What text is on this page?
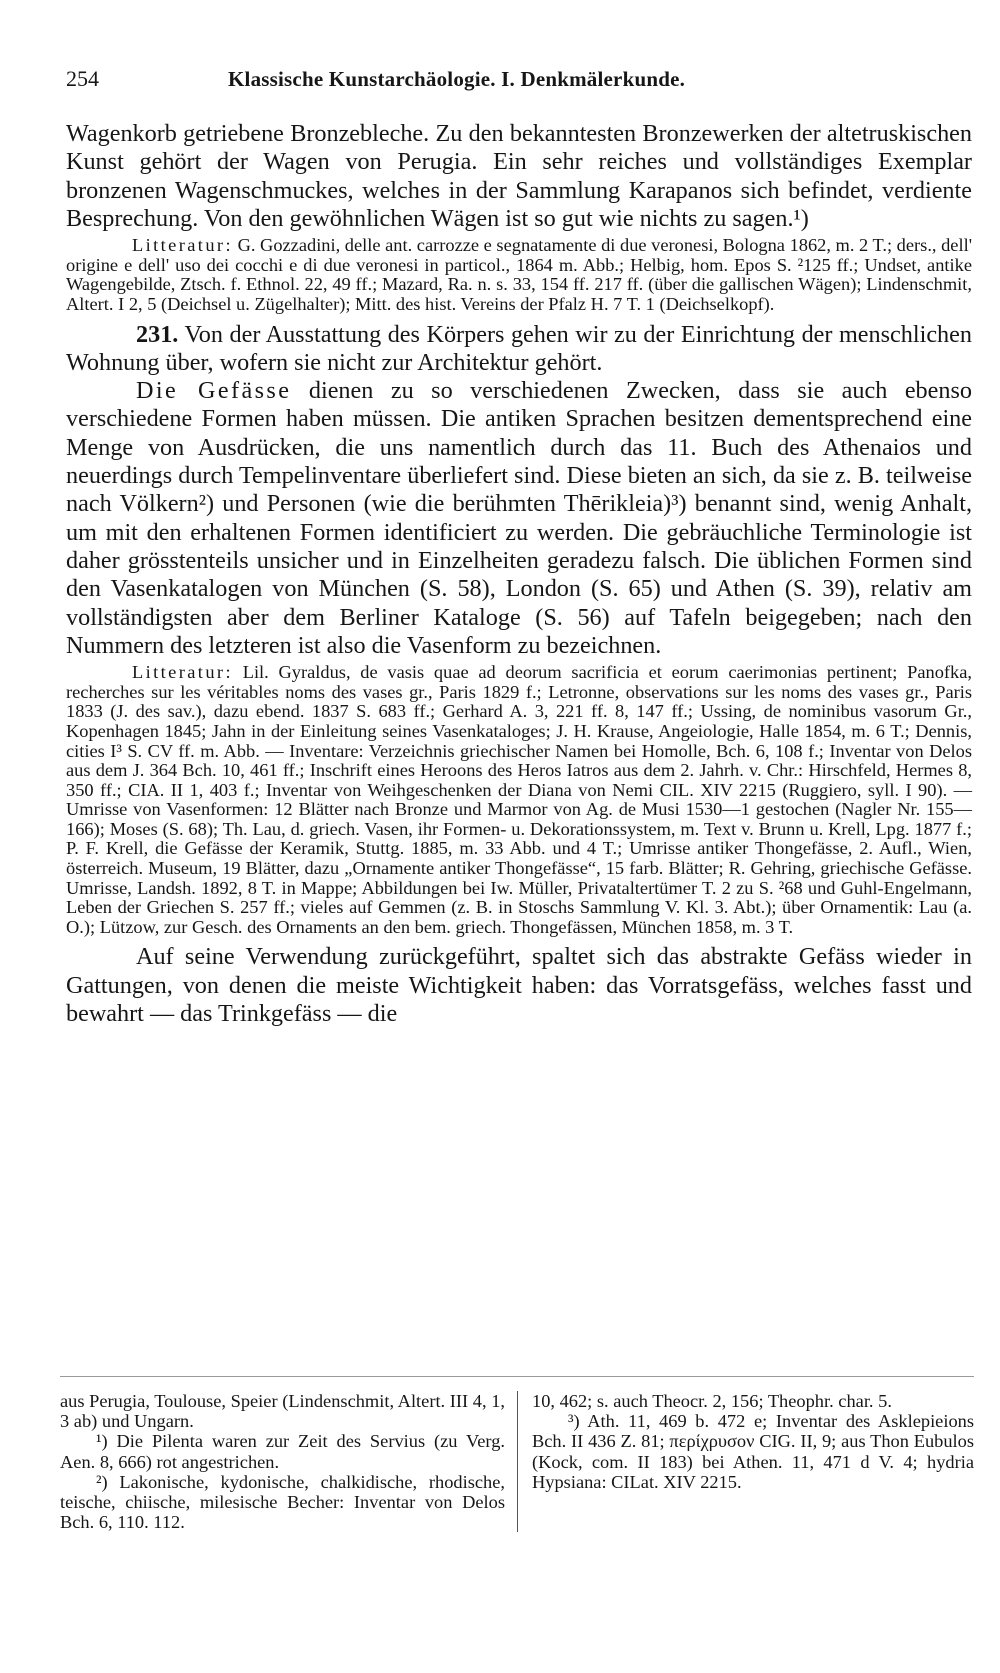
254	Klassische Kunstarchäologie. I. Denkmälerkunde.

Wagenkorb getriebene Bronzebleche. Zu den bekanntesten Bronzewerken der altetruskischen Kunst gehört der Wagen von Perugia. Ein sehr reiches und vollständiges Exemplar bronzenen Wagenschmuckes, welches in der Sammlung Karapanos sich befindet, verdiente Besprechung. Von den gewöhnlichen Wägen ist so gut wie nichts zu sagen.¹)

Litteratur: G. Gozzadini, delle ant. carrozze e segnatamente di due veronesi, Bologna 1862, m. 2 T.; ders., dell' origine e dell' uso dei cocchi e di due veronesi in particol., 1864 m. Abb.; Helbig, hom. Epos S. ²125 ff.; Undset, antike Wagengebilde, Ztsch. f. Ethnol. 22, 49 ff.; Mazard, Ra. n. s. 33, 154 ff. 217 ff. (über die gallischen Wägen); Lindenschmit, Altert. I 2, 5 (Deichsel u. Zügelhalter); Mitt. des hist. Vereins der Pfalz H. 7 T. 1 (Deichselkopf).

231. Von der Ausstattung des Körpers gehen wir zu der Einrichtung der menschlichen Wohnung über, wofern sie nicht zur Architektur gehört.

Die Gefässe dienen zu so verschiedenen Zwecken, dass sie auch ebenso verschiedene Formen haben müssen. Die antiken Sprachen besitzen dementsprechend eine Menge von Ausdrücken, die uns namentlich durch das 11. Buch des Athenaios und neuerdings durch Tempelinventare überliefert sind. Diese bieten an sich, da sie z. B. teilweise nach Völkern²) und Personen (wie die berühmten Thērikleia)³) benannt sind, wenig Anhalt, um mit den erhaltenen Formen identificiert zu werden. Die gebräuchliche Terminologie ist daher grösstenteils unsicher und in Einzelheiten geradezu falsch. Die üblichen Formen sind den Vasenkatalogen von München (S. 58), London (S. 65) und Athen (S. 39), relativ am vollständigsten aber dem Berliner Kataloge (S. 56) auf Tafeln beigegeben; nach den Nummern des letzteren ist also die Vasenform zu bezeichnen.

Litteratur: Lil. Gyraldus, de vasis quae ad deorum sacrificia et eorum caerimonias pertinent; Panofka, recherches sur les véritables noms des vases gr., Paris 1829 f.; Letronne, observations sur les noms des vases gr., Paris 1833 (J. des sav.), dazu ebend. 1837 S. 683 ff.; Gerhard A. 3, 221 ff. 8, 147 ff.; Ussing, de nominibus vasorum Gr., Kopenhagen 1845; Jahn in der Einleitung seines Vasenkataloges; J. H. Krause, Angeiologie, Halle 1854, m. 6 T.; Dennis, cities I³ S. CV ff. m. Abb. — Inventare: Verzeichnis griechischer Namen bei Homolle, Bch. 6, 108 f.; Inventar von Delos aus dem J. 364 Bch. 10, 461 ff.; Inschrift eines Heroons des Heros Iatros aus dem 2. Jahrh. v. Chr.: Hirschfeld, Hermes 8, 350 ff.; CIA. II 1, 403 f.; Inventar von Weihgeschenken der Diana von Nemi CIL. XIV 2215 (Ruggiero, syll. I 90). — Umrisse von Vasenformen: 12 Blätter nach Bronze und Marmor von Ag. de Musi 1530—1 gestochen (Nagler Nr. 155—166); Moses (S. 68); Th. Lau, d. griech. Vasen, ihr Formen- u. Dekorationssystem, m. Text v. Brunn u. Krell, Lpg. 1877 f.; P. F. Krell, die Gefässe der Keramik, Stuttg. 1885, m. 33 Abb. und 4 T.; Umrisse antiker Thongefässe, 2. Aufl., Wien, österreich. Museum, 19 Blätter, dazu „Ornamente antiker Thongefässe“, 15 farb. Blätter; R. Gehring, griechische Gefässe. Umrisse, Landsh. 1892, 8 T. in Mappe; Abbildungen bei Iw. Müller, Privataltertümer T. 2 zu S. ²68 und Guhl-Engelmann, Leben der Griechen S. 257 ff.; vieles auf Gemmen (z. B. in Stoschs Sammlung V. Kl. 3. Abt.); über Ornamentik: Lau (a. O.); Lützow, zur Gesch. des Ornaments an den bem. griech. Thongefässen, München 1858, m. 3 T.

Auf seine Verwendung zurückgeführt, spaltet sich das abstrakte Gefäss wieder in Gattungen, von denen die meiste Wichtigkeit haben: das Vorratsgefäss, welches fasst und bewahrt — das Trinkgefäss — die

aus Perugia, Toulouse, Speier (Lindenschmit, Altert. III 4, 1, 3 ab) und Ungarn.

¹) Die Pilenta waren zur Zeit des Servius (zu Verg. Aen. 8, 666) rot angestrichen.

²) Lakonische, kydonische, chalkidische, rhodische, teische, chiische, milesische Becher: Inventar von Delos Bch. 6, 110. 112.

10, 462; s. auch Theocr. 2, 156; Theophr. char. 5.

³) Ath. 11, 469 b. 472 e; Inventar des Asklepieions Bch. II 436 Z. 81; περίχρυσον CIG. II, 9; aus Thon Eubulos (Kock, com. II 183) bei Athen. 11, 471 d V. 4; hydria Hypsiana: CILat. XIV 2215.
